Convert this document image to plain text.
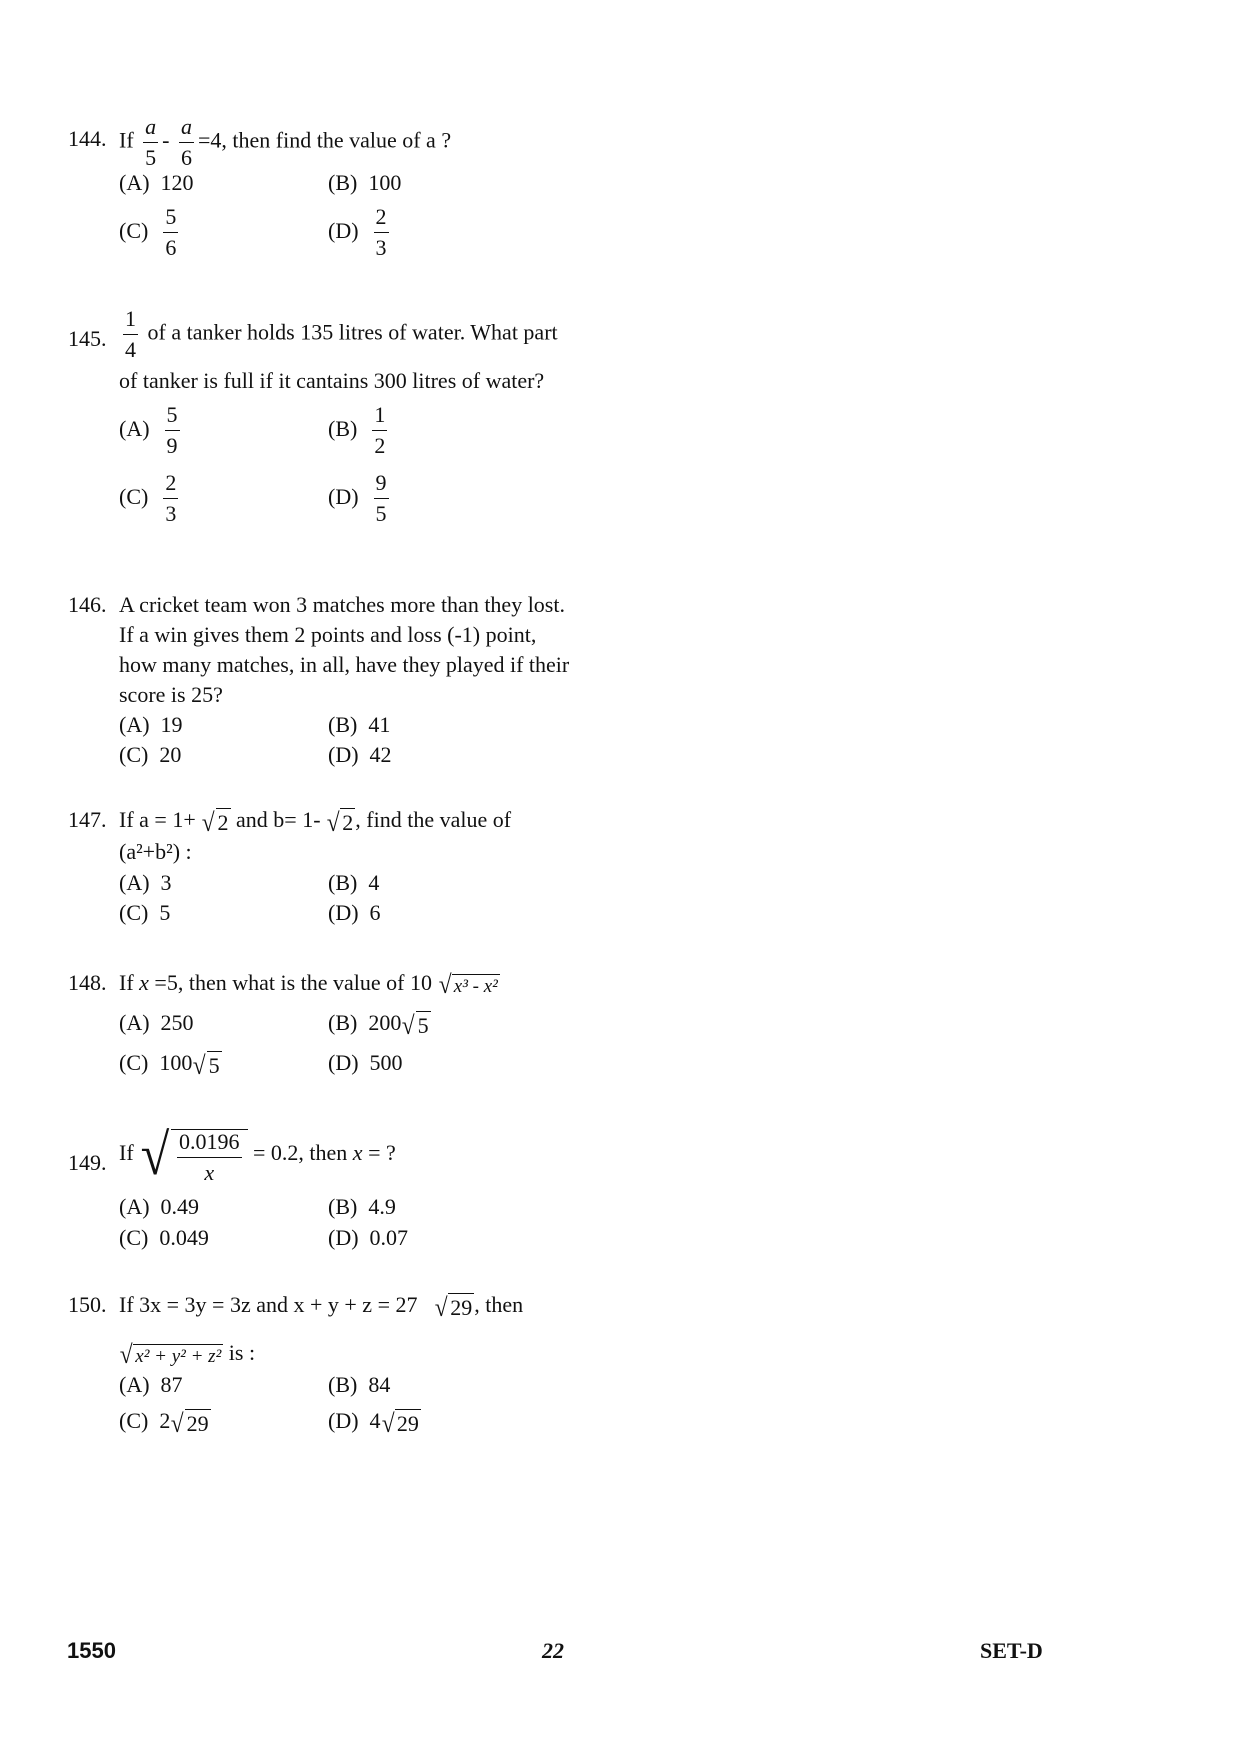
144. If $\frac{a}{5} - \frac{a}{6} =4$, then find the value of a ?
(A) 120	(B) 100
$(C) \frac{5}{6}$	$(D) \frac{2}{3}$
145. $\frac{1}{4}$ of a tanker holds 135 litres of water. What part
of tanker is full if it cantains 300 litres of water?
$(A) \frac{5}{9}$	$(B) \frac{1}{2}$
$(C) \frac{2}{3}$	$(D) \frac{9}{5}$
146. A cricket team won 3 matches more than they lost.
If a win gives them 2 points and loss (-1) point,
how many matches, in all, have they played if their
score is 25?
(A) 19	(B) 41
(C) 20	(D) 42
147. If a = 1+ √ 2 and b= 1- √ 2 , find the value of
(a²+b²) :
(A) 3	(B) 4
(C) 5	(D) 6
148. If x =5, then what is the value of 10 √ x³ - x²
(A) 250	(B) 200 √ 5
(C) 100 √ 5	(D) 500
149. If √ $\frac{0.0196}{x} = 0.2$, then x = ?
(A) 0.49	(B) 4.9
(C) 0.049	(D) 0.07
150. If 3x = 3y = 3z and x + y + z = 27 √ 29 , then
√ x² + y² + z² is :
(A) 87	(B) 84
(C) 2 √ 29	(D) 4 √ 29

1550	22	SET-D
